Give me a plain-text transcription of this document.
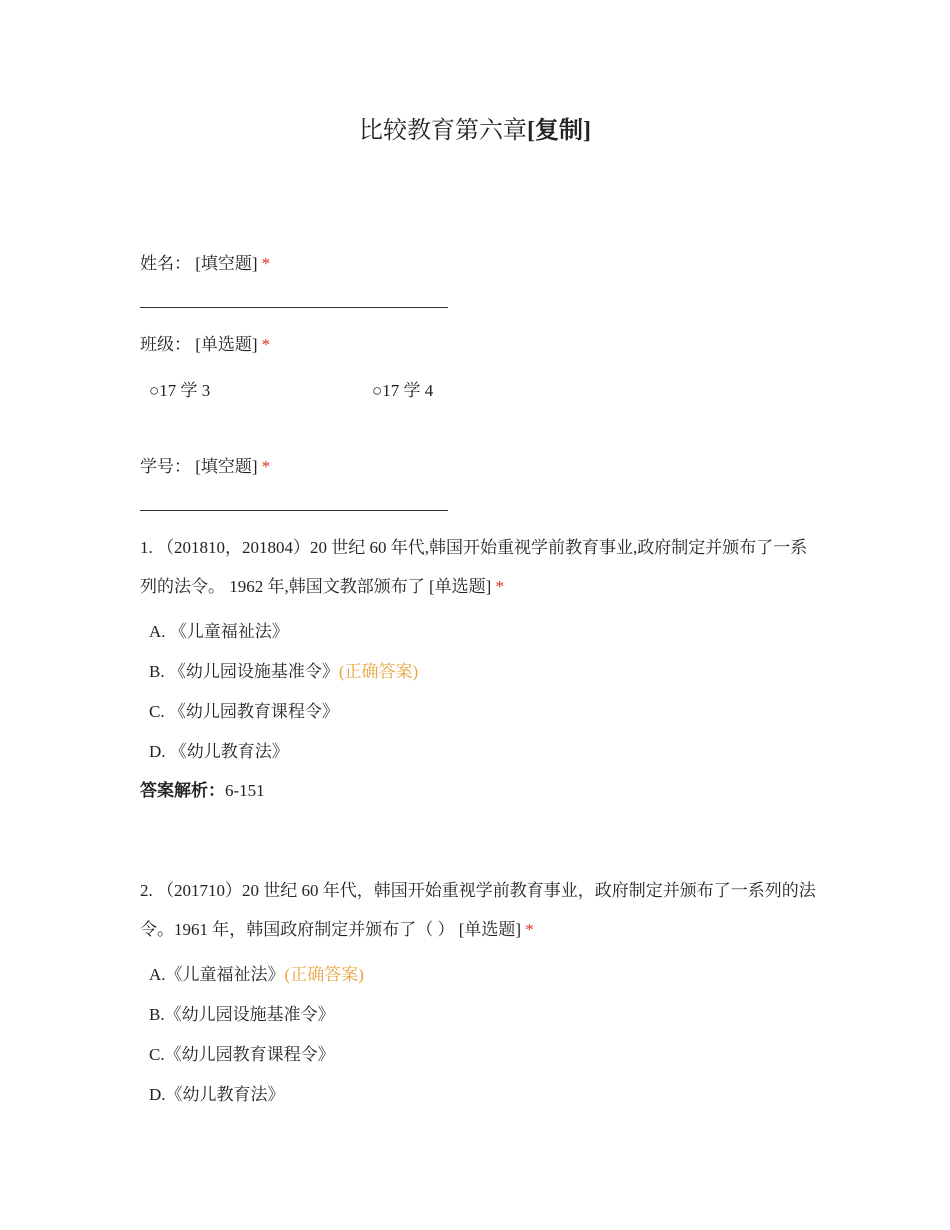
比较教育第六章[复制]
姓名： [填空题] *
班级： [单选题] *
○17 学 3	○17 学 4
学号： [填空题] *
1. （201810，201804）20 世纪 60 年代,韩国开始重视学前教育事业,政府制定并颁布了一系列的法令。 1962 年,韩国文教部颁布了 [单选题] *
A. 《儿童福祉法》
B. 《幼儿园设施基准令》(正确答案)
C. 《幼儿园教育课程令》
D. 《幼儿教育法》
答案解析：6-151
2. （201710）20 世纪 60 年代，韩国开始重视学前教育事业，政府制定并颁布了一系列的法令。1961 年，韩国政府制定并颁布了（ ） [单选题] *
A.《儿童福祉法》(正确答案)
B.《幼儿园设施基准令》
C.《幼儿园教育课程令》
D.《幼儿教育法》
